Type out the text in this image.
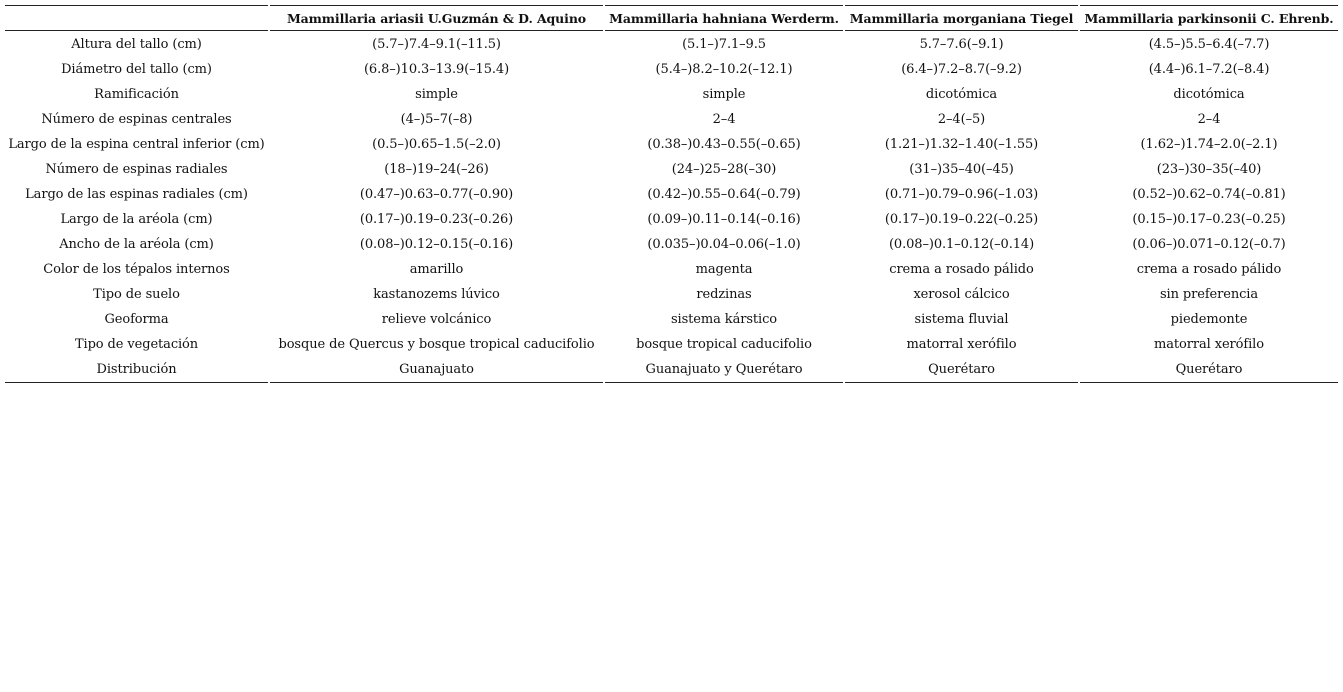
	Mammillaria ariasii U.Guzmán & D. Aquino	Mammillaria hahniana Werderm.	Mammillaria morganiana Tiegel	Mammillaria parkinsonii C. Ehrenb.
Altura del tallo (cm)	(5.7–)7.4–9.1(–11.5)	(5.1–)7.1–9.5	5.7–7.6(–9.1)	(4.5–)5.5–6.4(–7.7)
Diámetro del tallo (cm)	(6.8–)10.3–13.9(–15.4)	(5.4–)8.2–10.2(–12.1)	(6.4–)7.2–8.7(–9.2)	(4.4–)6.1–7.2(–8.4)
Ramificación	simple	simple	dicotómica	dicotómica
Número de espinas centrales	(4–)5–7(–8)	2–4	2–4(–5)	2–4
Largo de la espina central inferior (cm)	(0.5–)0.65–1.5(–2.0)	(0.38–)0.43–0.55(–0.65)	(1.21–)1.32–1.40(–1.55)	(1.62–)1.74–2.0(–2.1)
Número de espinas radiales	(18–)19–24(–26)	(24–)25–28(–30)	(31–)35–40(–45)	(23–)30–35(–40)
Largo de las espinas radiales (cm)	(0.47–)0.63–0.77(–0.90)	(0.42–)0.55–0.64(–0.79)	(0.71–)0.79–0.96(–1.03)	(0.52–)0.62–0.74(–0.81)
Largo de la aréola (cm)	(0.17–)0.19–0.23(–0.26)	(0.09–)0.11–0.14(–0.16)	(0.17–)0.19–0.22(–0.25)	(0.15–)0.17–0.23(–0.25)
Ancho de la aréola (cm)	(0.08–)0.12–0.15(–0.16)	(0.035–)0.04–0.06(–1.0)	(0.08–)0.1–0.12(–0.14)	(0.06–)0.071–0.12(–0.7)
Color de los tépalos internos	amarillo	magenta	crema a rosado pálido	crema a rosado pálido
Tipo de suelo	kastanozems lúvico	redzinas	xerosol cálcico	sin preferencia
Geoforma	relieve volcánico	sistema kárstico	sistema fluvial	piedemonte
Tipo de vegetación	bosque de Quercus y bosque tropical caducifolio	bosque tropical caducifolio	matorral xerófilo	matorral xerófilo
Distribución	Guanajuato	Guanajuato y Querétaro	Querétaro	Querétaro
